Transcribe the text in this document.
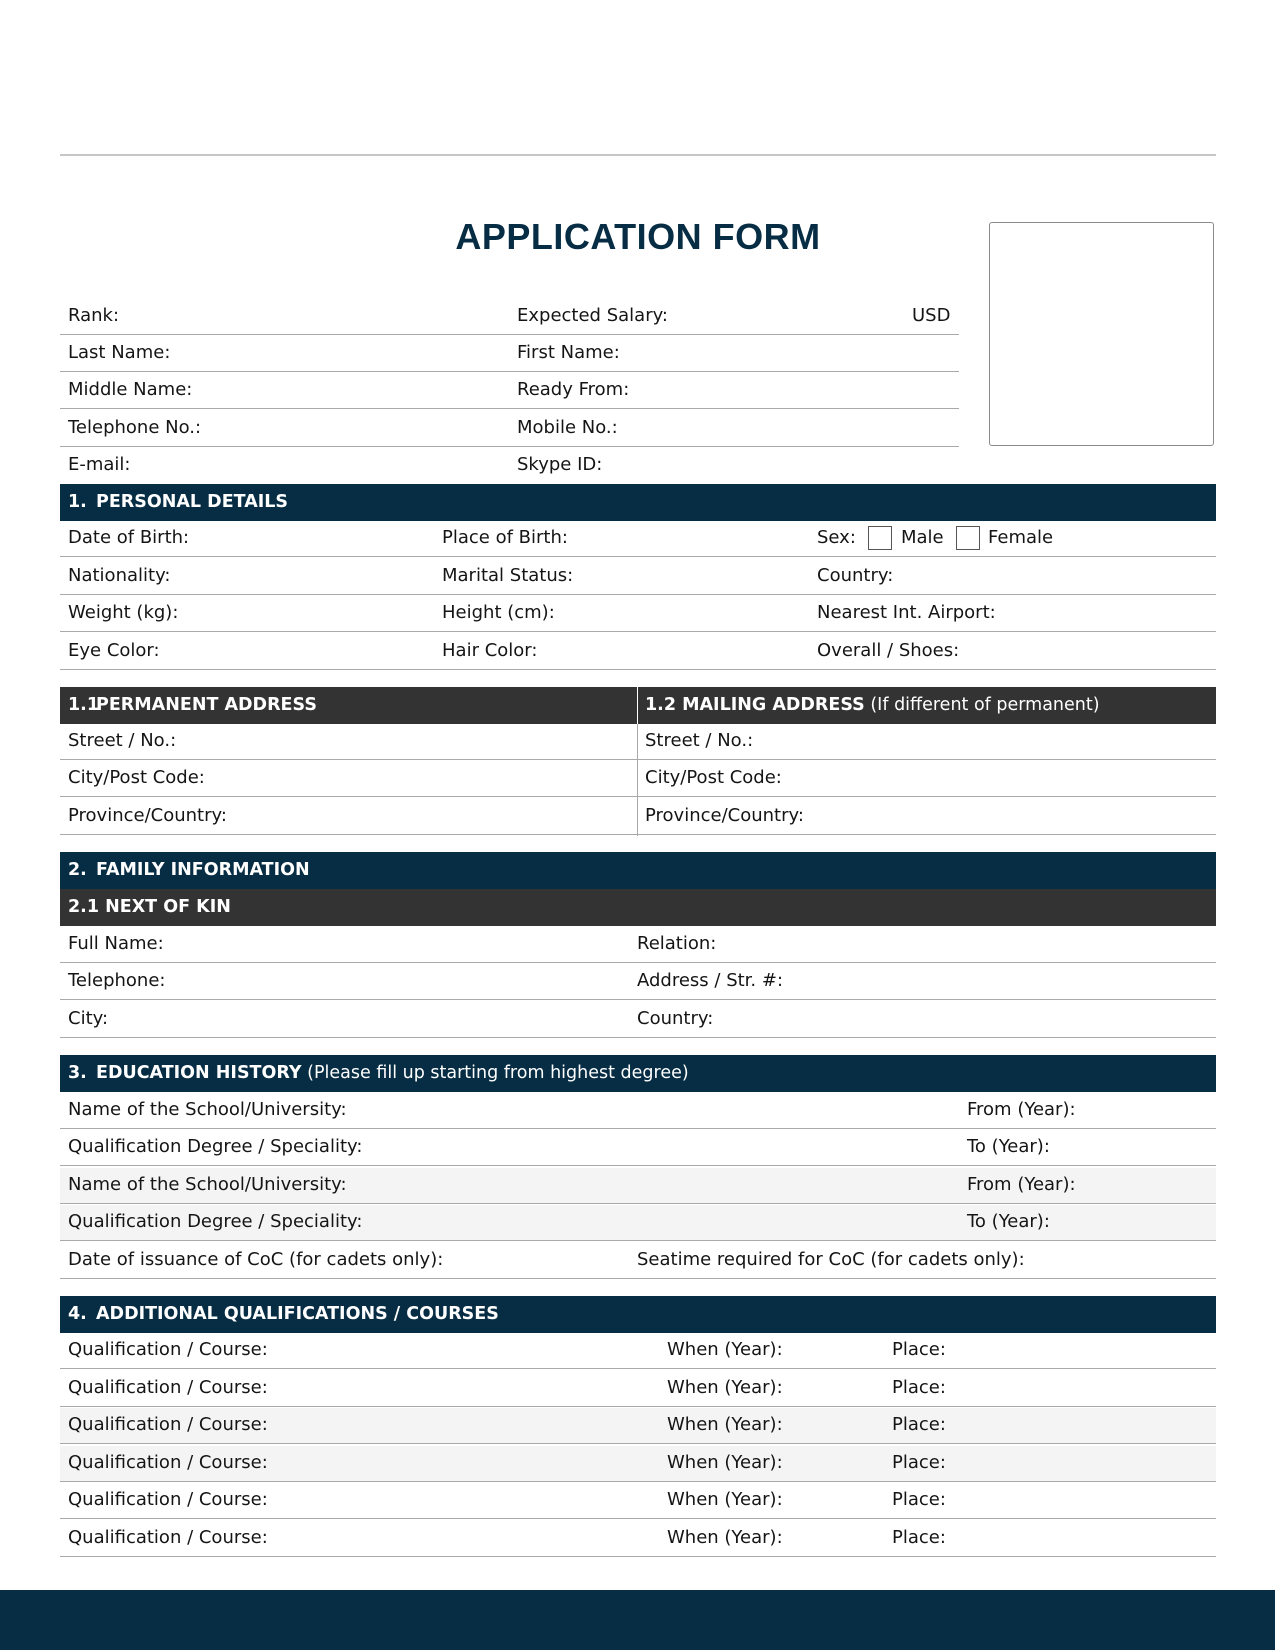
APPLICATION FORM
Rank:	Expected Salary:	USD
Last Name:	First Name:
Middle Name:	Ready From:
Telephone No.:	Mobile No.:
E-mail:	Skype ID:
1. PERSONAL DETAILS
Date of Birth:	Place of Birth:	Sex:	Male Female
Nationality:	Marital Status:	Country:
Weight (kg):	Height (cm):	Nearest Int. Airport:
Eye Color:	Hair Color:	Overall / Shoes:
1.1PERMANENT ADDRESS	1.2 MAILING ADDRESS (If different of permanent)
Street / No.:	Street / No.:
City/Post Code:	City/Post Code:
Province/Country:	Province/Country:
2. FAMILY INFORMATION
2.1 NEXT OF KIN
Full Name:	Relation:
Telephone:	Address / Str. #:
City:	Country:
3. EDUCATION HISTORY (Please fill up starting from highest degree)
Name of the School/University:	From (Year):
Qualification Degree / Speciality:	To (Year):
Name of the School/University:	From (Year):
Qualification Degree / Speciality:	To (Year):
Date of issuance of CoC (for cadets only):	Seatime required for CoC (for cadets only):
4. ADDITIONAL QUALIFICATIONS / COURSES
Qualification / Course:	When (Year):	Place:
Qualification / Course:	When (Year):	Place:
Qualification / Course:	When (Year):	Place:
Qualification / Course:	When (Year):	Place:
Qualification / Course:	When (Year):	Place:
Qualification / Course:	When (Year):	Place:
